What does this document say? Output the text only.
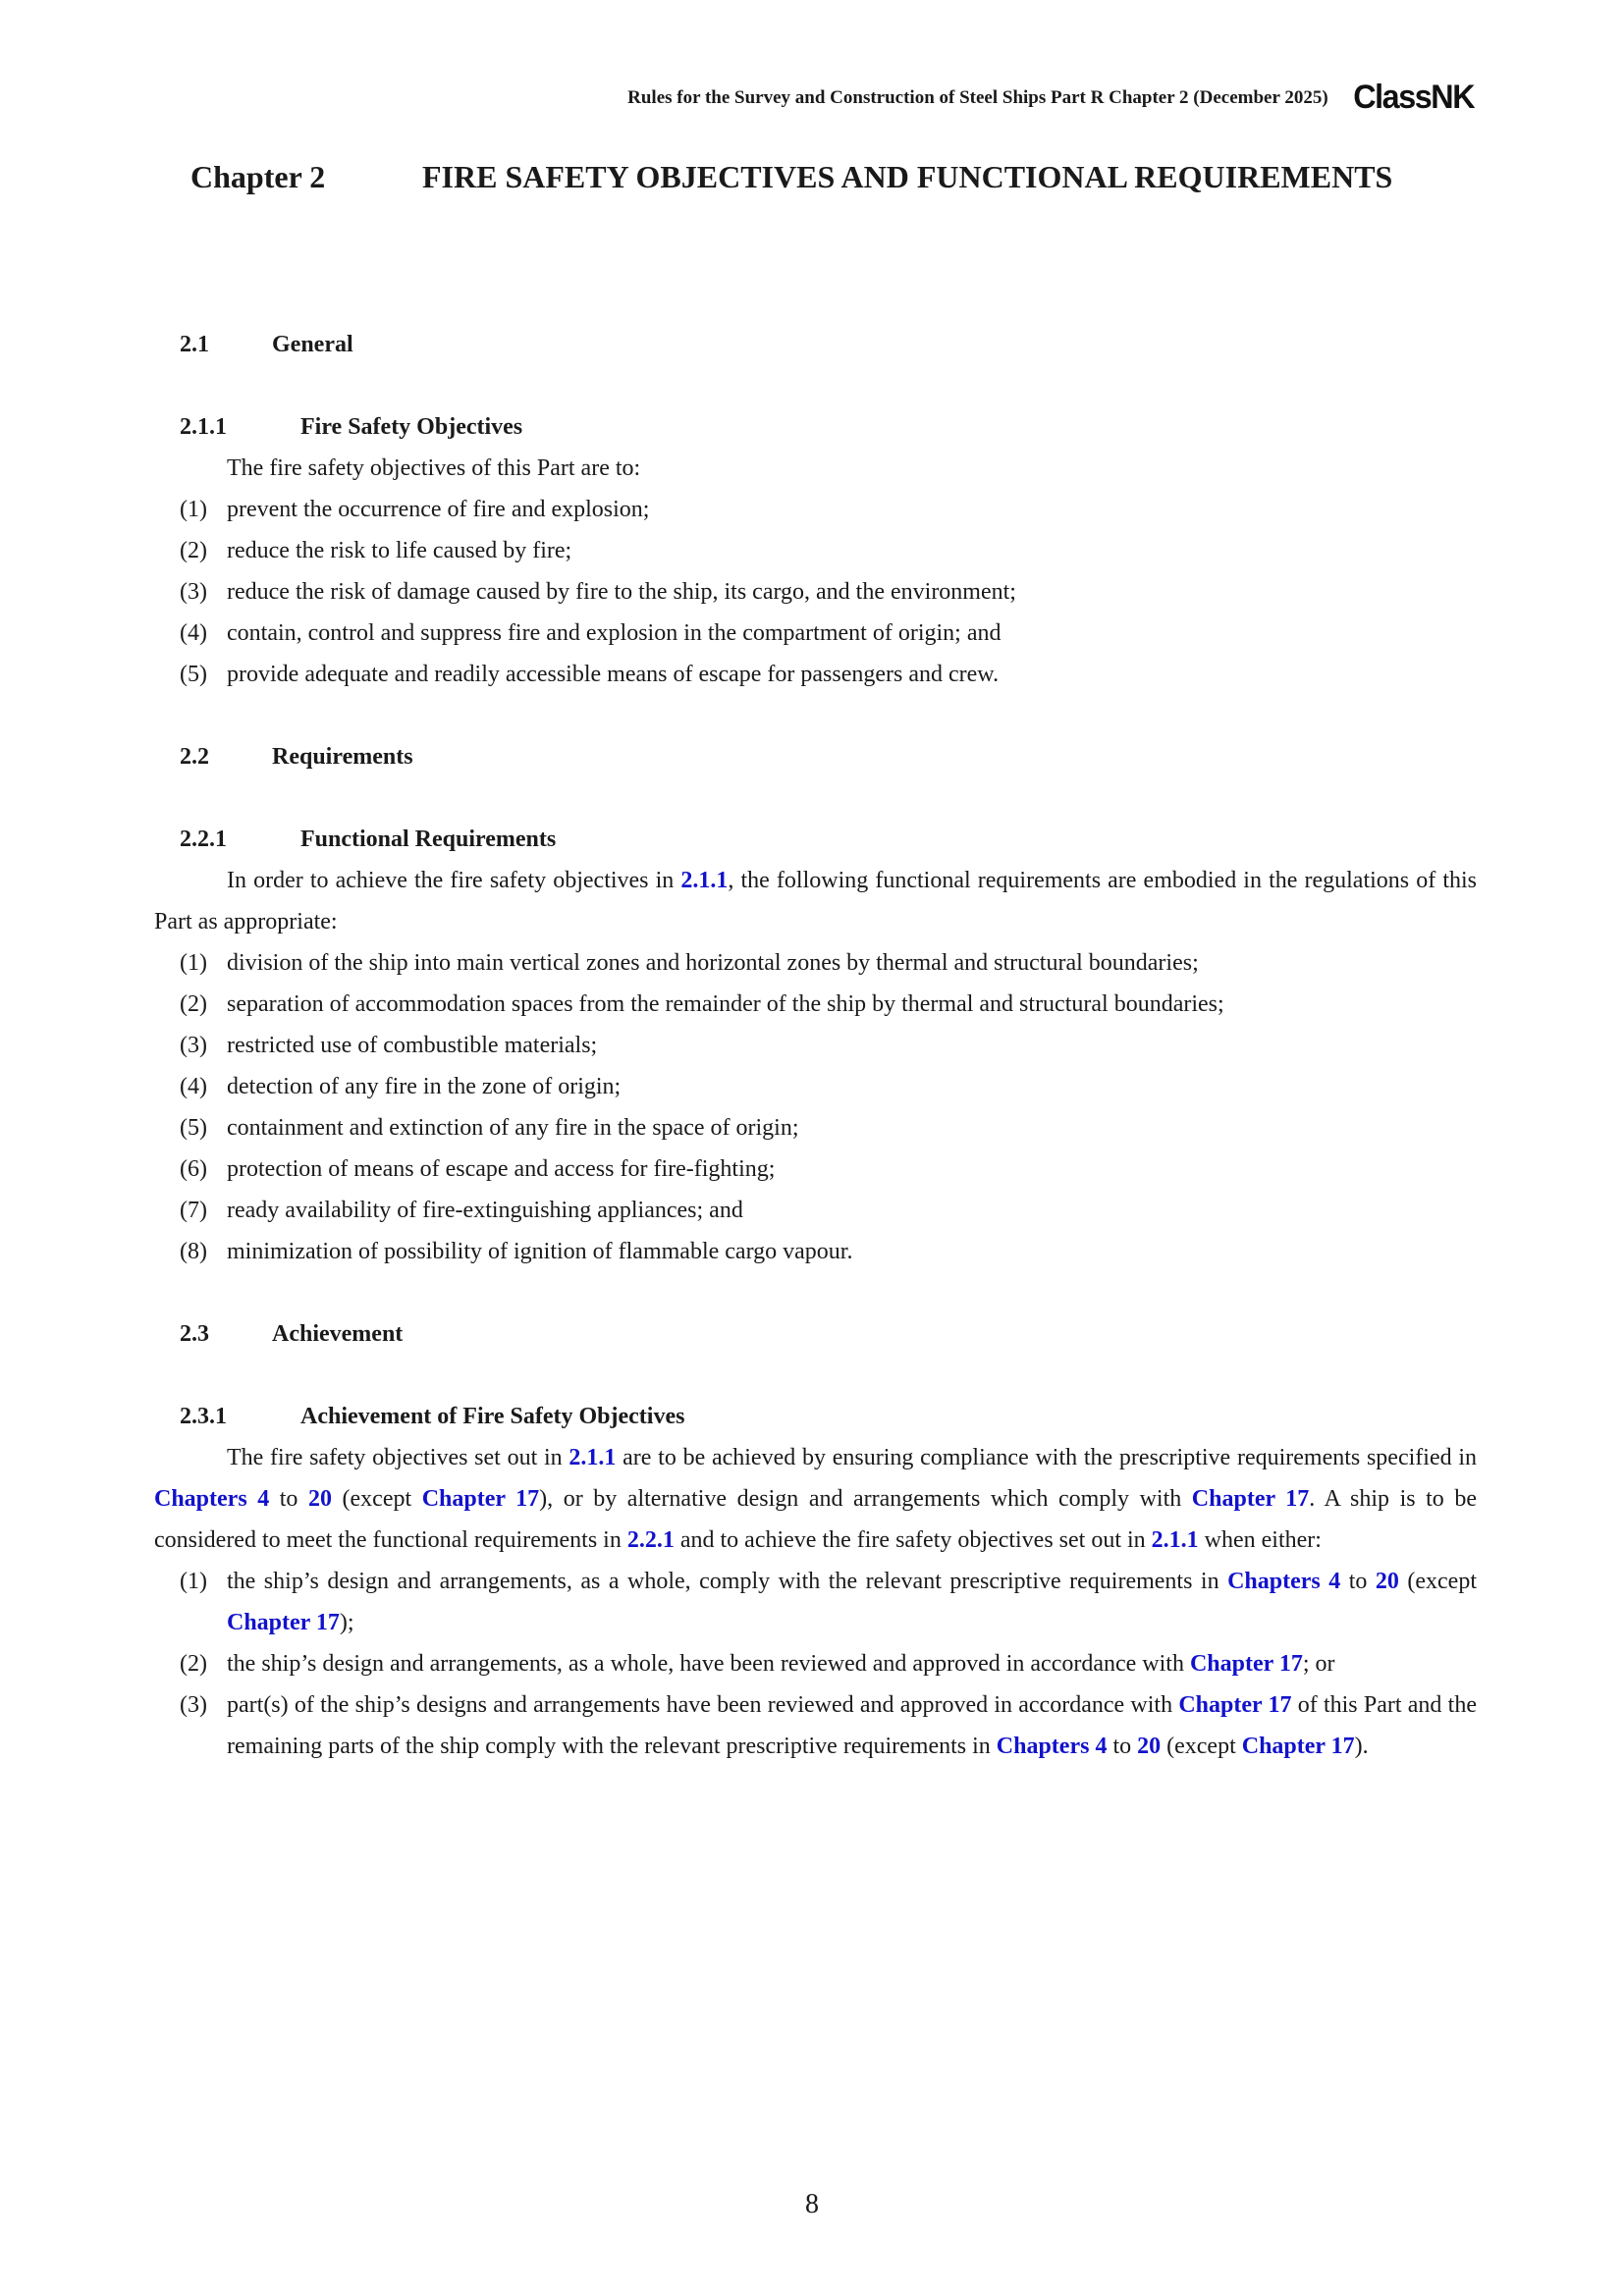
Rules for the Survey and Construction of Steel Ships Part R Chapter 2 (December 2025) ClassNK
Chapter 2	FIRE SAFETY OBJECTIVES AND FUNCTIONAL REQUIREMENTS
2.1	General
2.1.1	Fire Safety Objectives
The fire safety objectives of this Part are to:
(1) prevent the occurrence of fire and explosion;
(2) reduce the risk to life caused by fire;
(3) reduce the risk of damage caused by fire to the ship, its cargo, and the environment;
(4) contain, control and suppress fire and explosion in the compartment of origin; and
(5) provide adequate and readily accessible means of escape for passengers and crew.
2.2	Requirements
2.2.1	Functional Requirements
In order to achieve the fire safety objectives in 2.1.1, the following functional requirements are embodied in the regulations of this Part as appropriate:
(1) division of the ship into main vertical zones and horizontal zones by thermal and structural boundaries;
(2) separation of accommodation spaces from the remainder of the ship by thermal and structural boundaries;
(3) restricted use of combustible materials;
(4) detection of any fire in the zone of origin;
(5) containment and extinction of any fire in the space of origin;
(6) protection of means of escape and access for fire-fighting;
(7) ready availability of fire-extinguishing appliances; and
(8) minimization of possibility of ignition of flammable cargo vapour.
2.3	Achievement
2.3.1	Achievement of Fire Safety Objectives
The fire safety objectives set out in 2.1.1 are to be achieved by ensuring compliance with the prescriptive requirements specified in Chapters 4 to 20 (except Chapter 17), or by alternative design and arrangements which comply with Chapter 17. A ship is to be considered to meet the functional requirements in 2.2.1 and to achieve the fire safety objectives set out in 2.1.1 when either:
(1) the ship’s design and arrangements, as a whole, comply with the relevant prescriptive requirements in Chapters 4 to 20 (except Chapter 17);
(2) the ship’s design and arrangements, as a whole, have been reviewed and approved in accordance with Chapter 17; or
(3) part(s) of the ship’s designs and arrangements have been reviewed and approved in accordance with Chapter 17 of this Part and the remaining parts of the ship comply with the relevant prescriptive requirements in Chapters 4 to 20 (except Chapter 17).
8
